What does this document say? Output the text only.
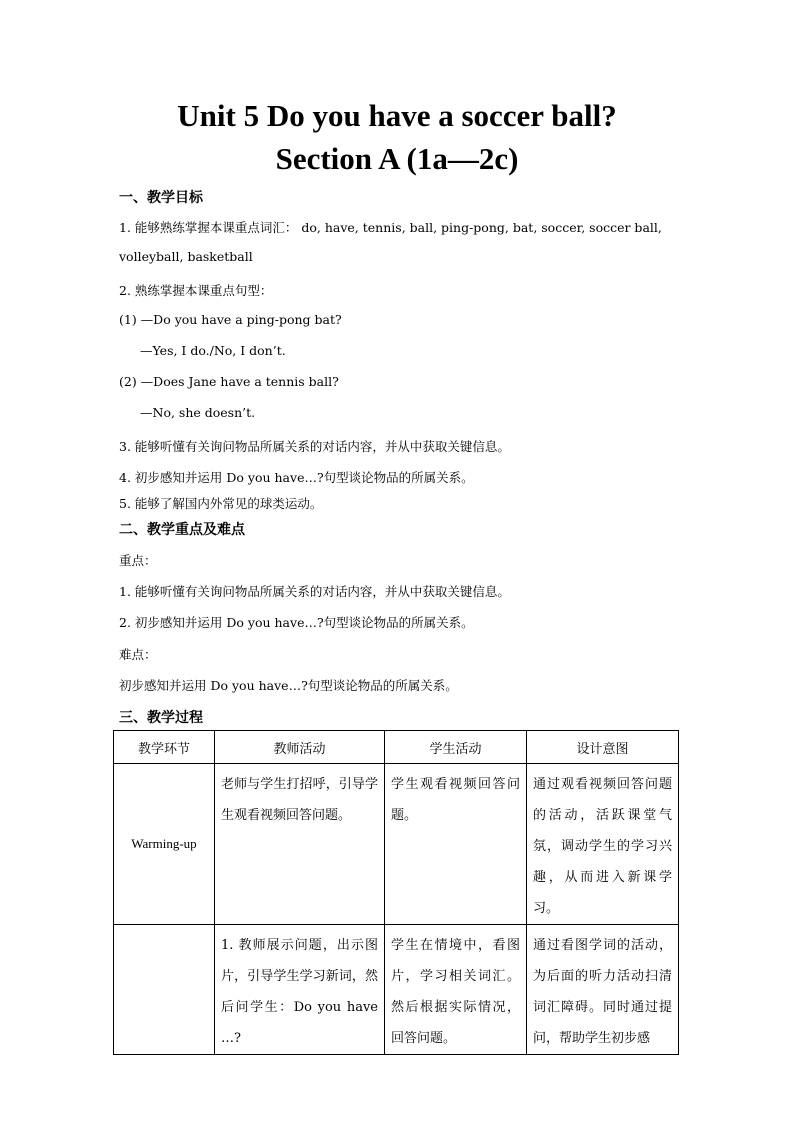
Unit 5 Do you have a soccer ball?
Section A (1a—2c)
一、教学目标
1. 能够熟练掌握本课重点词汇： do, have, tennis, ball, ping-pong, bat, soccer, soccer ball,
volleyball, basketball
2. 熟练掌握本课重点句型：
(1) —Do you have a ping-pong bat?
—Yes, I do./No, I don’t.
(2) —Does Jane have a tennis ball?
—No, she doesn’t.
3. 能够听懂有关询问物品所属关系的对话内容，并从中获取关键信息。
4. 初步感知并运用 Do you have…?句型谈论物品的所属关系。
5. 能够了解国内外常见的球类运动。
二、教学重点及难点
重点：
1. 能够听懂有关询问物品所属关系的对话内容，并从中获取关键信息。
2. 初步感知并运用 Do you have…?句型谈论物品的所属关系。
难点：
初步感知并运用 Do you have…?句型谈论物品的所属关系。
三、教学过程
教学环节	教师活动	学生活动	设计意图
Warming-up	老师与学生打招呼，引导学生观看视频回答问题。	学生观看视频回答问题。	通过观看视频回答问题的活动，活跃课堂气氛，调动学生的学习兴趣，从而进入新课学习。
	1. 教师展示问题，出示图片，引导学生学习新词，然后问学生：Do you have …?	学生在情境中，看图片，学习相关词汇。然后根据实际情况，回答问题。	通过看图学词的活动，为后面的听力活动扫清词汇障碍。同时通过提问，帮助学生初步感
